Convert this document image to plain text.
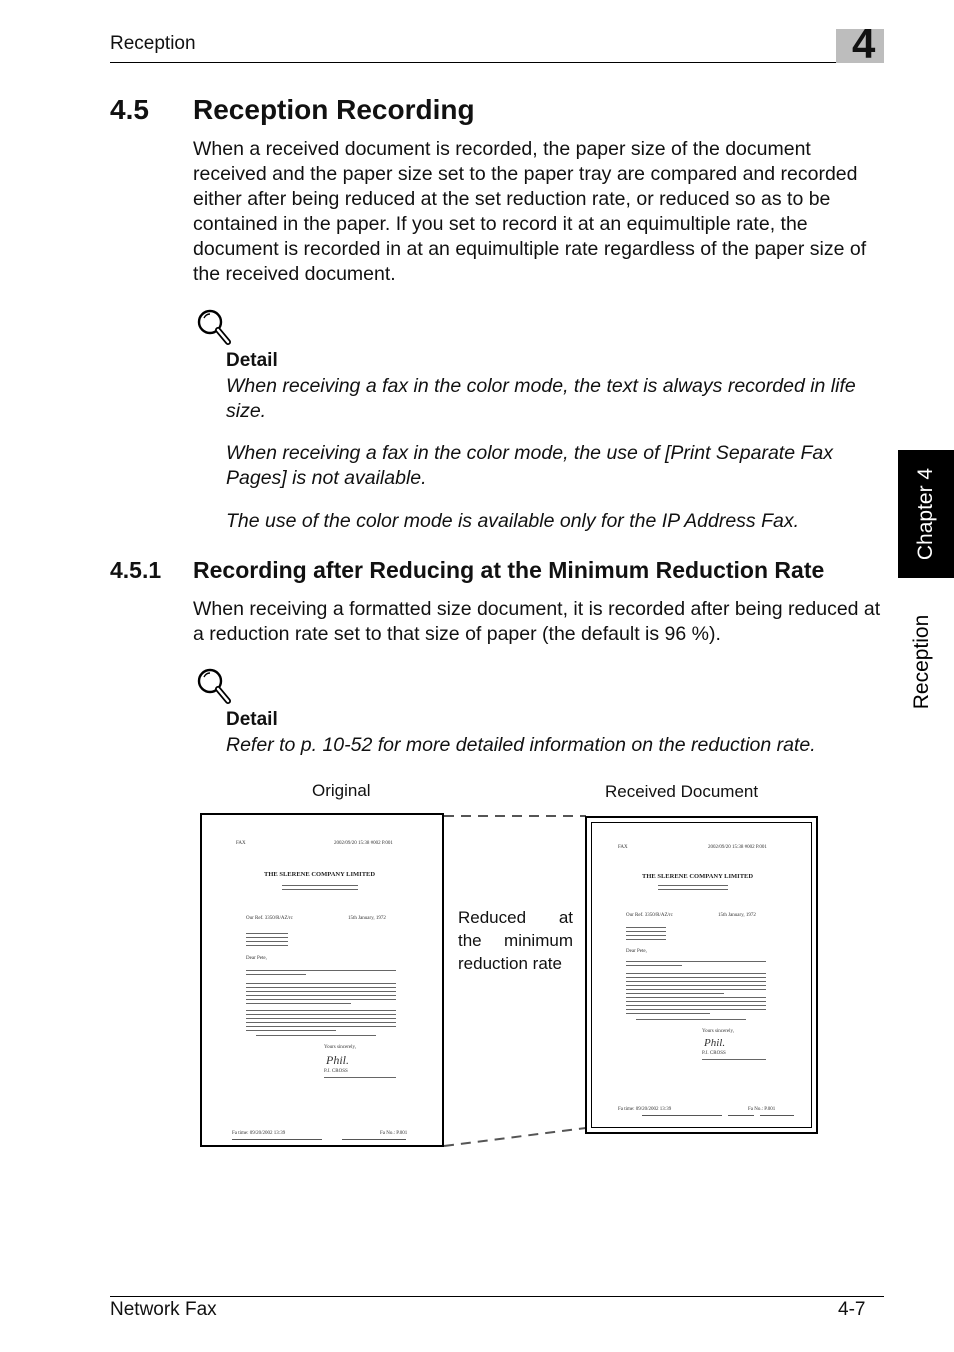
Reception	4
4.5 Reception Recording
When a received document is recorded, the paper size of the document received and the paper size set to the paper tray are compared and recorded either after being reduced at the set reduction rate, or reduced so as to be contained in the paper. If you set to record it at an equimultiple rate, the document is recorded in at an equimultiple rate regardless of the paper size of the received document.
Detail
When receiving a fax in the color mode, the text is always recorded in life size.
When receiving a fax in the color mode, the use of [Print Separate Fax Pages] is not available.
The use of the color mode is available only for the IP Address Fax.
4.5.1 Recording after Reducing at the Minimum Reduction Rate
When receiving a formatted size document, it is recorded after being reduced at a reduction rate set to that size of paper (the default is 96 %).
Detail
Refer to p. 10-52 for more detailed information on the reduction rate.
Chapter 4
Reception
Original	Received Document
FAX	2002/09/20 15:38 #002 P.001
THE SLERENE COMPANY LIMITED
Our Ref. 3350/R/AZ/rc	15th January, 1972
Dear Pete,
Yours sincerely,
Phil.
P.J. CROSS
Fa time: 09/20/2002 13:39	Fa No.: P.001
Reduced at
the minimum
reduction rate
FAX	2002/09/20 15:38 #002 P.001
THE SLERENE COMPANY LIMITED
Our Ref. 3350/R/AZ/rc	15th January, 1972
Dear Pete,
Yours sincerely,
Phil.
P.J. CROSS
Fa time: 09/20/2002 13:39	Fa No.: P.001
Network Fax	4-7
